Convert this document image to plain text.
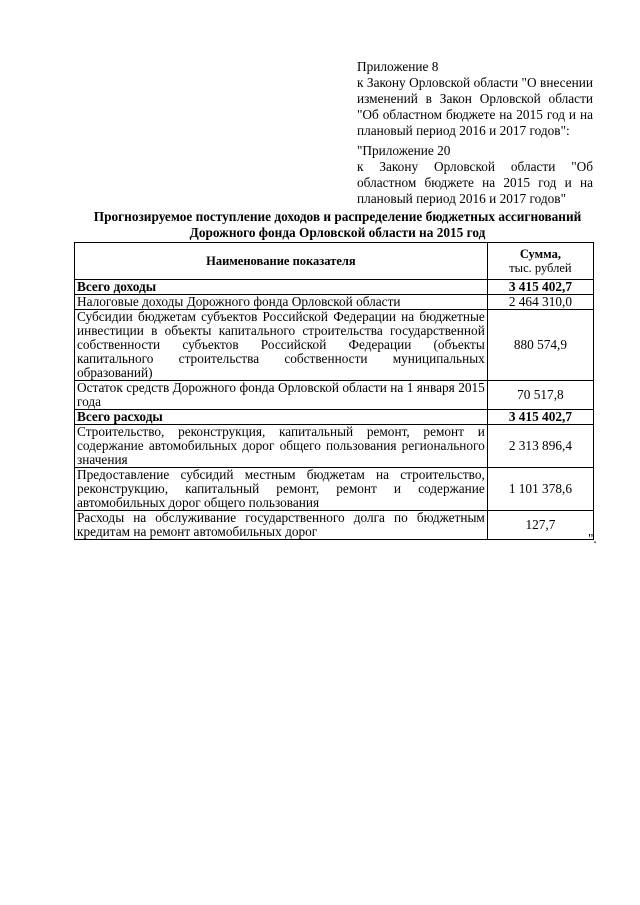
Приложение 8
к Закону Орловской области "О внесении изменений в Закон Орловской области "Об областном бюджете на 2015 год и на плановый период 2016 и 2017 годов":
"Приложение 20
к Закону Орловской области "Об областном бюджете на 2015 год и на плановый период 2016 и 2017 годов"
Прогнозируемое поступление доходов и распределение бюджетных ассигнований
Дорожного фонда Орловской области на 2015 год
Наименование показателя	Сумма,
тыс. рублей

Всего доходы	3 415 402,7
Налоговые доходы Дорожного фонда Орловской области	2 464 310,0
Субсидии бюджетам субъектов Российской Федерации на бюджетные инвестиции в объекты капитального строительства государственной собственности субъектов Российской Федерации (объекты капитального строительства собственности муниципальных образований)	880 574,9
Остаток средств Дорожного фонда Орловской области на 1 января 2015 года	70 517,8
Всего расходы	3 415 402,7
Строительство, реконструкция, капитальный ремонт, ремонт и содержание автомобильных дорог общего пользования регионального значения	2 313 896,4
Предоставление субсидий местным бюджетам на строительство, реконструкцию, капитальный ремонт, ремонт и содержание автомобильных дорог общего пользования	1 101 378,6
Расходы на обслуживание государственного долга по бюджетным кредитам на ремонт автомобильных дорог	127,7
".
